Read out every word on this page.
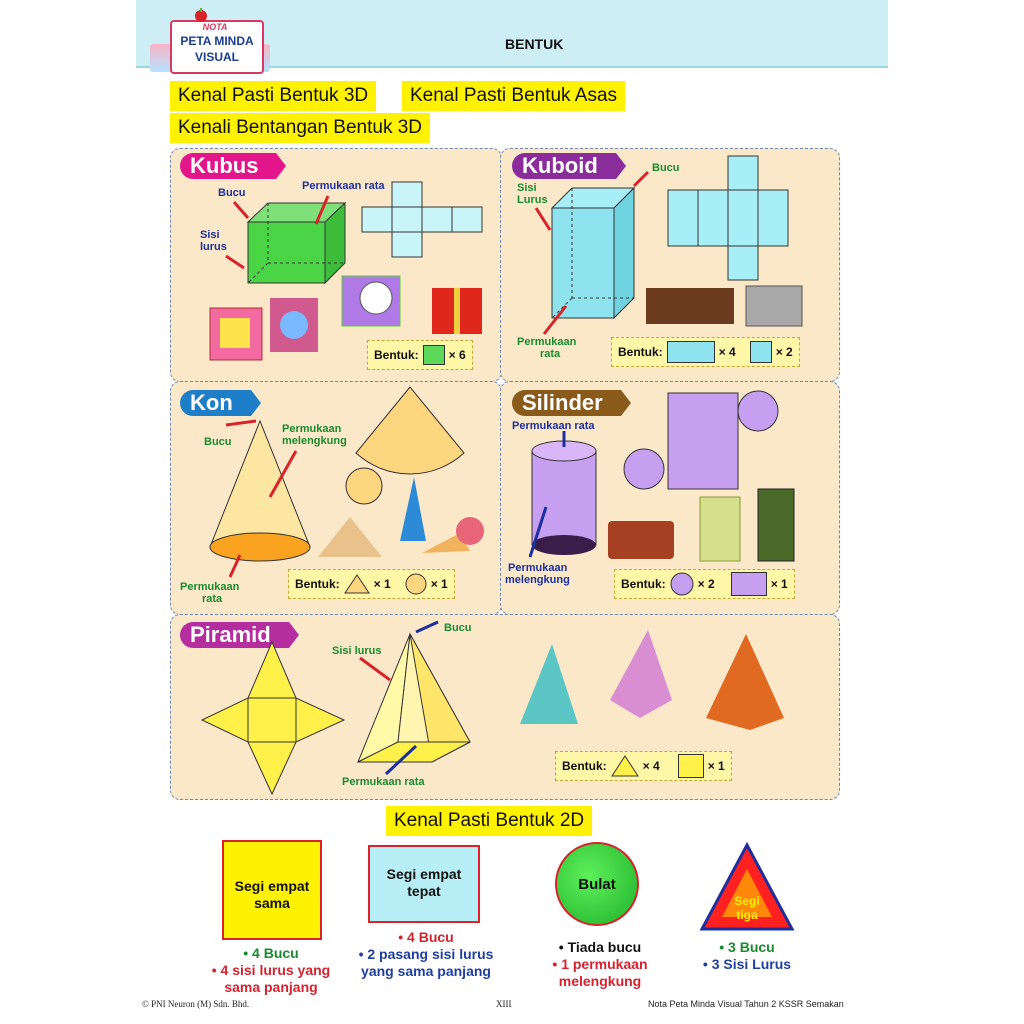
BENTUK
NOTA
PETA MINDA
VISUAL
Kenal Pasti Bentuk 3D	Kenal Pasti Bentuk Asas
Kenali Bentangan Bentuk 3D
Kubus
Bucu
Permukaan rata
Sisi
lurus
Bentuk:	× 6
Kuboid	Bucu
Sisi
Lurus
Permukaan
rata	Bentuk:	× 4	× 2
Kon
Bucu
Permukaan
melengkung
Permukaan
rata
Bentuk:	× 1	× 1
Silinder
Permukaan rata
Permukaan
melengkung	Bentuk:	× 2	× 1
Piramid	Bucu
Sisi lurus
Permukaan rata
Bentuk:	× 4	× 1
Kenal Pasti Bentuk 2D
Segi empat
sama
• 4 Bucu
• 4 sisi lurus yang
sama panjang
Segi empat
tepat
• 4 Bucu
• 2 pasang sisi lurus
yang sama panjang
Bulat
• Tiada bucu
• 1 permukaan
melengkung
Segi
tiga
• 3 Bucu
• 3 Sisi Lurus
© PNI Neuron (M) Sdn. Bhd.	XIII	Nota Peta Minda Visual Tahun 2 KSSR Semakan
